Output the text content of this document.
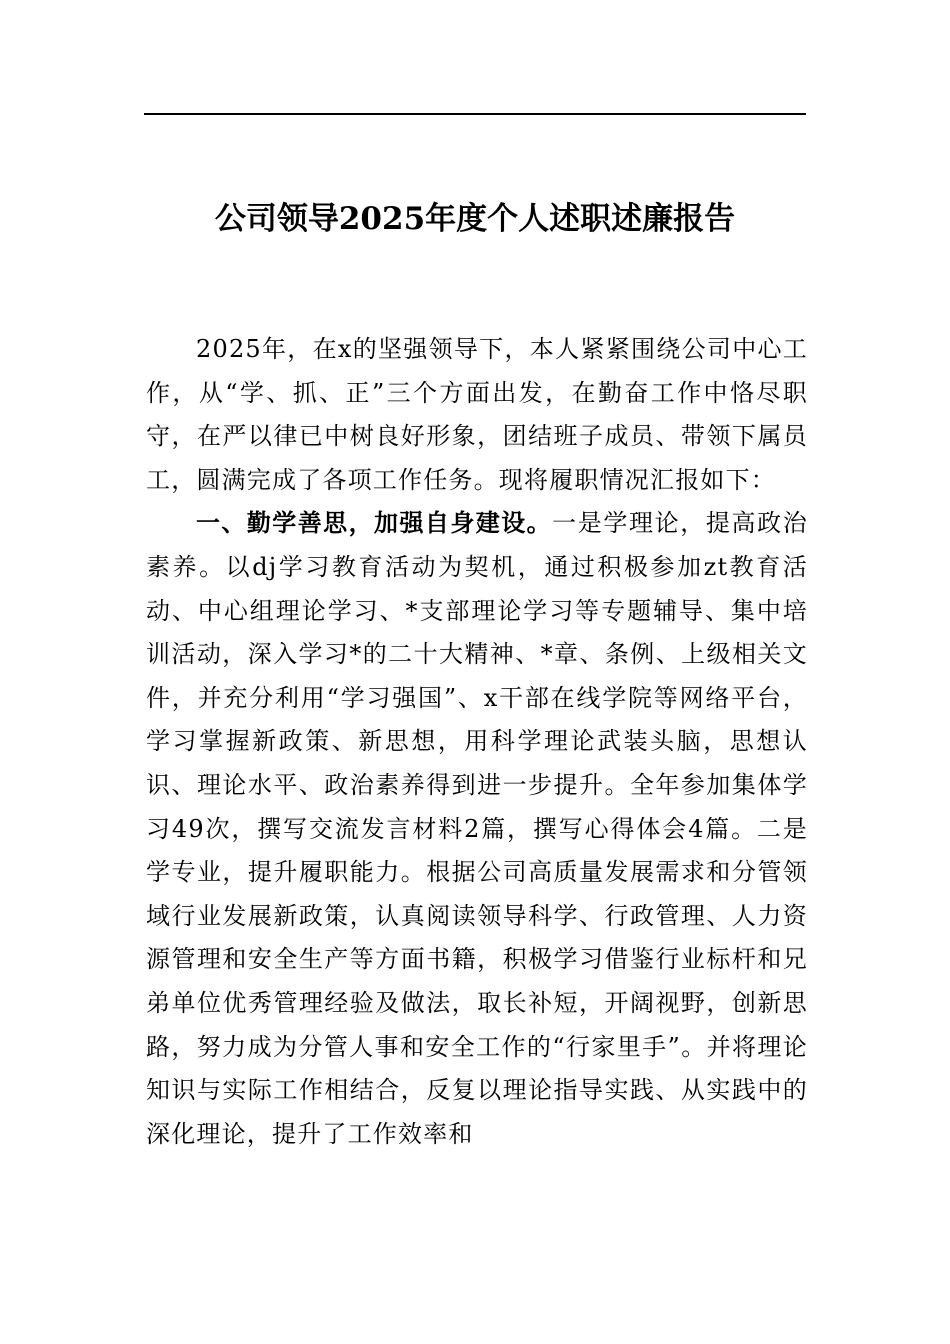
公司领导2025年度个人述职述廉报告

2025年，在x的坚强领导下，本人紧紧围绕公司中心工作，从“学、抓、正”三个方面出发，在勤奋工作中恪尽职守，在严以律已中树良好形象，团结班子成员、带领下属员工，圆满完成了各项工作任务。现将履职情况汇报如下：

一、勤学善思，加强自身建设。一是学理论，提高政治素养。以dj学习教育活动为契机，通过积极参加zt教育活动、中心组理论学习、*支部理论学习等专题辅导、集中培训活动，深入学习*的二十大精神、*章、条例、上级相关文件，并充分利用“学习强国”、x干部在线学院等网络平台，学习掌握新政策、新思想，用科学理论武装头脑，思想认识、理论水平、政治素养得到进一步提升。全年参加集体学习49次，撰写交流发言材料2篇，撰写心得体会4篇。二是学专业，提升履职能力。根据公司高质量发展需求和分管领域行业发展新政策，认真阅读领导科学、行政管理、人力资源管理和安全生产等方面书籍，积极学习借鉴行业标杆和兄弟单位优秀管理经验及做法，取长补短，开阔视野，创新思路，努力成为分管人事和安全工作的“行家里手”。并将理论知识与实际工作相结合，反复以理论指导实践、从实践中的深化理论，提升了工作效率和
